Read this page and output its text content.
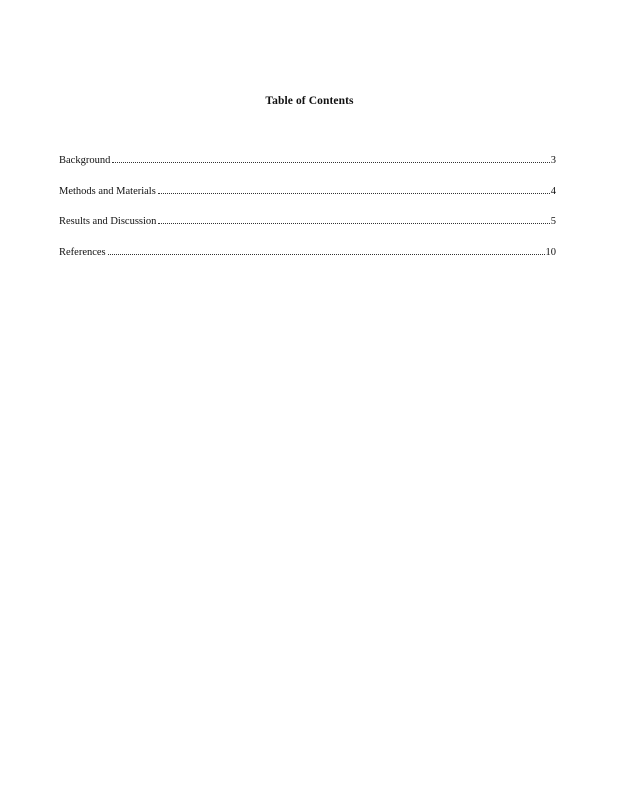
Table of Contents
Background	3
Methods and Materials	4
Results and Discussion	5
References	10
